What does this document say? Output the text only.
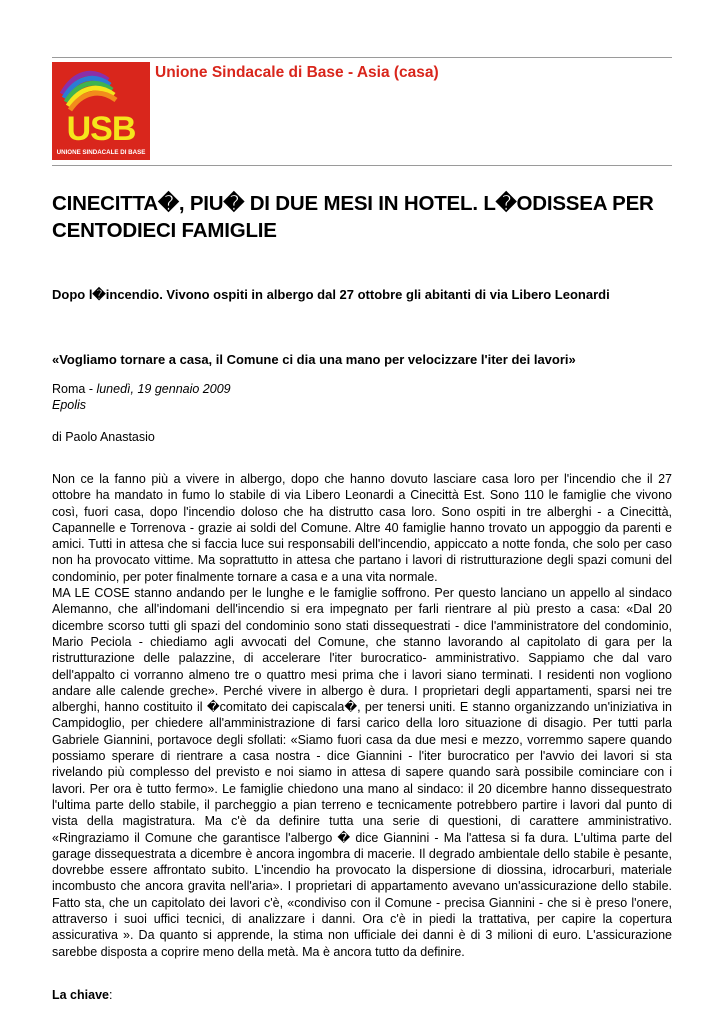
USB
UNIONE SINDACALE DI BASE
Unione Sindacale di Base - Asia (casa)
CINECITTA�, PIU� DI DUE MESI IN HOTEL. L�ODISSEA PER CENTODIECI FAMIGLIE
Dopo l�incendio. Vivono ospiti in albergo dal 27 ottobre gli abitanti di via Libero Leonardi
«Vogliamo tornare a casa, il Comune ci dia una mano per velocizzare l'iter dei lavori»
Roma - lunedì, 19 gennaio 2009
Epolis
di Paolo Anastasio

Non ce la fanno più a vivere in albergo, dopo che hanno dovuto lasciare casa loro per l'incendio che il 27 ottobre ha mandato in fumo lo stabile di via Libero Leonardi a Cinecittà Est. Sono 110 le famiglie che vivono così, fuori casa, dopo l'incendio doloso che ha distrutto casa loro. Sono ospiti in tre alberghi - a Cinecittà, Capannelle e Torrenova - grazie ai soldi del Comune. Altre 40 famiglie hanno trovato un appoggio da parenti e amici. Tutti in attesa che si faccia luce sui responsabili dell'incendio, appiccato a notte fonda, che solo per caso non ha provocato vittime. Ma soprattutto in attesa che partano i lavori di ristrutturazione degli spazi comuni del condominio, per poter finalmente tornare a casa e a una vita normale.

MA LE COSE stanno andando per le lunghe e le famiglie soffrono. Per questo lanciano un appello al sindaco Alemanno, che all'indomani dell'incendio si era impegnato per farli rientrare al più presto a casa: «Dal 20 dicembre scorso tutti gli spazi del condominio sono stati dissequestrati - dice l'amministratore del condominio, Mario Peciola - chiediamo agli avvocati del Comune, che stanno lavorando al capitolato di gara per la ristrutturazione delle palazzine, di accelerare l'iter burocratico- amministrativo. Sappiamo che dal varo dell'appalto ci vorranno almeno tre o quattro mesi prima che i lavori siano terminati. I residenti non vogliono andare alle calende greche». Perché vivere in albergo è dura. I proprietari degli appartamenti, sparsi nei tre alberghi, hanno costituito il �comitato dei capiscala�, per tenersi uniti. E stanno organizzando un'iniziativa in Campidoglio, per chiedere all'amministrazione di farsi carico della loro situazione di disagio. Per tutti parla Gabriele Giannini, portavoce degli sfollati: «Siamo fuori casa da due mesi e mezzo, vorremmo sapere quando possiamo sperare di rientrare a casa nostra - dice Giannini - l'iter burocratico per l'avvio dei lavori si sta rivelando più complesso del previsto e noi siamo in attesa di sapere quando sarà possibile cominciare con i lavori. Per ora è tutto fermo». Le famiglie chiedono una mano al sindaco: il 20 dicembre hanno dissequestrato l'ultima parte dello stabile, il parcheggio a pian terreno e tecnicamente potrebbero partire i lavori dal punto di vista della magistratura. Ma c'è da definire tutta una serie di questioni, di carattere amministrativo. «Ringraziamo il Comune che garantisce l'albergo � dice Giannini - Ma l'attesa si fa dura. L'ultima parte del garage dissequestrata a dicembre è ancora ingombra di macerie. Il degrado ambientale dello stabile è pesante, dovrebbe essere affrontato subito. L'incendio ha provocato la dispersione di diossina, idrocarburi, materiale incombusto che ancora gravita nell'aria». I proprietari di appartamento avevano un'assicurazione dello stabile. Fatto sta, che un capitolato dei lavori c'è, «condiviso con il Comune - precisa Giannini - che si è preso l'onere, attraverso i suoi uffici tecnici, di analizzare i danni. Ora c'è in piedi la trattativa, per capire la copertura assicurativa ». Da quanto si apprende, la stima non ufficiale dei danni è di 3 milioni di euro. L'assicurazione sarebbe disposta a coprire meno della metà. Ma è ancora tutto da definire.

La chiave:
